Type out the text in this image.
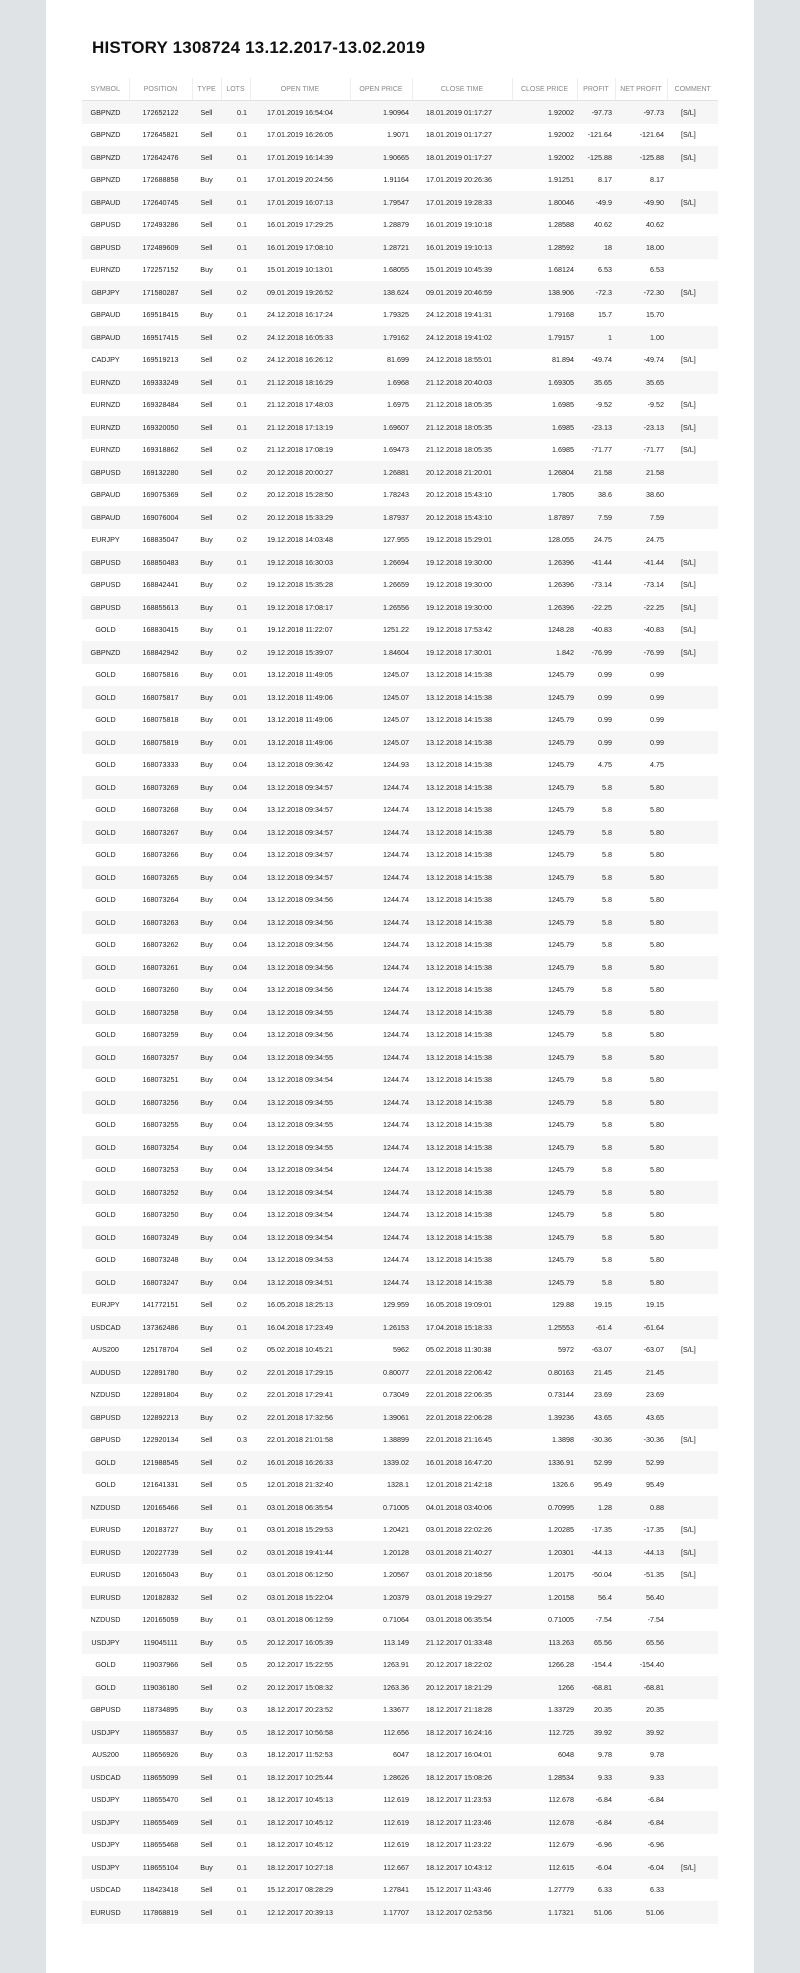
HISTORY 1308724 13.12.2017-13.02.2019
SYMBOL	POSITION	TYPE	LOTS	OPEN TIME	OPEN PRICE	CLOSE TIME	CLOSE PRICE	PROFIT	NET PROFIT	COMMENT
GBPNZD	172652122	Sell	0.1	17.01.2019 16:54:04	1.90964	18.01.2019 01:17:27	1.92002	-97.73	-97.73	[S/L]
GBPNZD	172645821	Sell	0.1	17.01.2019 16:26:05	1.9071	18.01.2019 01:17:27	1.92002	-121.64	-121.64	[S/L]
GBPNZD	172642476	Sell	0.1	17.01.2019 16:14:39	1.90665	18.01.2019 01:17:27	1.92002	-125.88	-125.88	[S/L]
GBPNZD	172688858	Buy	0.1	17.01.2019 20:24:56	1.91164	17.01.2019 20:26:36	1.91251	8.17	8.17	
GBPAUD	172640745	Sell	0.1	17.01.2019 16:07:13	1.79547	17.01.2019 19:28:33	1.80046	-49.9	-49.90	[S/L]
GBPUSD	172493286	Sell	0.1	16.01.2019 17:29:25	1.28879	16.01.2019 19:10:18	1.28588	40.62	40.62	
GBPUSD	172489609	Sell	0.1	16.01.2019 17:08:10	1.28721	16.01.2019 19:10:13	1.28592	18	18.00	
EURNZD	172257152	Buy	0.1	15.01.2019 10:13:01	1.68055	15.01.2019 10:45:39	1.68124	6.53	6.53	
GBPJPY	171580287	Sell	0.2	09.01.2019 19:26:52	138.624	09.01.2019 20:46:59	138.906	-72.3	-72.30	[S/L]
GBPAUD	169518415	Buy	0.1	24.12.2018 16:17:24	1.79325	24.12.2018 19:41:31	1.79168	15.7	15.70	
GBPAUD	169517415	Sell	0.2	24.12.2018 16:05:33	1.79162	24.12.2018 19:41:02	1.79157	1	1.00	
CADJPY	169519213	Sell	0.2	24.12.2018 16:26:12	81.699	24.12.2018 18:55:01	81.894	-49.74	-49.74	[S/L]
EURNZD	169333249	Sell	0.1	21.12.2018 18:16:29	1.6968	21.12.2018 20:40:03	1.69305	35.65	35.65	
EURNZD	169328484	Sell	0.1	21.12.2018 17:48:03	1.6975	21.12.2018 18:05:35	1.6985	-9.52	-9.52	[S/L]
EURNZD	169320050	Sell	0.1	21.12.2018 17:13:19	1.69607	21.12.2018 18:05:35	1.6985	-23.13	-23.13	[S/L]
EURNZD	169318862	Sell	0.2	21.12.2018 17:08:19	1.69473	21.12.2018 18:05:35	1.6985	-71.77	-71.77	[S/L]
GBPUSD	169132280	Sell	0.2	20.12.2018 20:00:27	1.26881	20.12.2018 21:20:01	1.26804	21.58	21.58	
GBPAUD	169075369	Sell	0.2	20.12.2018 15:28:50	1.78243	20.12.2018 15:43:10	1.7805	38.6	38.60	
GBPAUD	169076004	Sell	0.2	20.12.2018 15:33:29	1.87937	20.12.2018 15:43:10	1.87897	7.59	7.59	
EURJPY	168835047	Buy	0.2	19.12.2018 14:03:48	127.955	19.12.2018 15:29:01	128.055	24.75	24.75	
GBPUSD	168850483	Buy	0.1	19.12.2018 16:30:03	1.26694	19.12.2018 19:30:00	1.26396	-41.44	-41.44	[S/L]
GBPUSD	168842441	Buy	0.2	19.12.2018 15:35:28	1.26659	19.12.2018 19:30:00	1.26396	-73.14	-73.14	[S/L]
GBPUSD	168855613	Buy	0.1	19.12.2018 17:08:17	1.26556	19.12.2018 19:30:00	1.26396	-22.25	-22.25	[S/L]
GOLD	168830415	Buy	0.1	19.12.2018 11:22:07	1251.22	19.12.2018 17:53:42	1248.28	-40.83	-40.83	[S/L]
GBPNZD	168842942	Buy	0.2	19.12.2018 15:39:07	1.84604	19.12.2018 17:30:01	1.842	-76.99	-76.99	[S/L]
GOLD	168075816	Buy	0.01	13.12.2018 11:49:05	1245.07	13.12.2018 14:15:38	1245.79	0.99	0.99	
GOLD	168075817	Buy	0.01	13.12.2018 11:49:06	1245.07	13.12.2018 14:15:38	1245.79	0.99	0.99	
GOLD	168075818	Buy	0.01	13.12.2018 11:49:06	1245.07	13.12.2018 14:15:38	1245.79	0.99	0.99	
GOLD	168075819	Buy	0.01	13.12.2018 11:49:06	1245.07	13.12.2018 14:15:38	1245.79	0.99	0.99	
GOLD	168073333	Buy	0.04	13.12.2018 09:36:42	1244.93	13.12.2018 14:15:38	1245.79	4.75	4.75	
GOLD	168073269	Buy	0.04	13.12.2018 09:34:57	1244.74	13.12.2018 14:15:38	1245.79	5.8	5.80	
GOLD	168073268	Buy	0.04	13.12.2018 09:34:57	1244.74	13.12.2018 14:15:38	1245.79	5.8	5.80	
GOLD	168073267	Buy	0.04	13.12.2018 09:34:57	1244.74	13.12.2018 14:15:38	1245.79	5.8	5.80	
GOLD	168073266	Buy	0.04	13.12.2018 09:34:57	1244.74	13.12.2018 14:15:38	1245.79	5.8	5.80	
GOLD	168073265	Buy	0.04	13.12.2018 09:34:57	1244.74	13.12.2018 14:15:38	1245.79	5.8	5.80	
GOLD	168073264	Buy	0.04	13.12.2018 09:34:56	1244.74	13.12.2018 14:15:38	1245.79	5.8	5.80	
GOLD	168073263	Buy	0.04	13.12.2018 09:34:56	1244.74	13.12.2018 14:15:38	1245.79	5.8	5.80	
GOLD	168073262	Buy	0.04	13.12.2018 09:34:56	1244.74	13.12.2018 14:15:38	1245.79	5.8	5.80	
GOLD	168073261	Buy	0.04	13.12.2018 09:34:56	1244.74	13.12.2018 14:15:38	1245.79	5.8	5.80	
GOLD	168073260	Buy	0.04	13.12.2018 09:34:56	1244.74	13.12.2018 14:15:38	1245.79	5.8	5.80	
GOLD	168073258	Buy	0.04	13.12.2018 09:34:55	1244.74	13.12.2018 14:15:38	1245.79	5.8	5.80	
GOLD	168073259	Buy	0.04	13.12.2018 09:34:56	1244.74	13.12.2018 14:15:38	1245.79	5.8	5.80	
GOLD	168073257	Buy	0.04	13.12.2018 09:34:55	1244.74	13.12.2018 14:15:38	1245.79	5.8	5.80	
GOLD	168073251	Buy	0.04	13.12.2018 09:34:54	1244.74	13.12.2018 14:15:38	1245.79	5.8	5.80	
GOLD	168073256	Buy	0.04	13.12.2018 09:34:55	1244.74	13.12.2018 14:15:38	1245.79	5.8	5.80	
GOLD	168073255	Buy	0.04	13.12.2018 09:34:55	1244.74	13.12.2018 14:15:38	1245.79	5.8	5.80	
GOLD	168073254	Buy	0.04	13.12.2018 09:34:55	1244.74	13.12.2018 14:15:38	1245.79	5.8	5.80	
GOLD	168073253	Buy	0.04	13.12.2018 09:34:54	1244.74	13.12.2018 14:15:38	1245.79	5.8	5.80	
GOLD	168073252	Buy	0.04	13.12.2018 09:34:54	1244.74	13.12.2018 14:15:38	1245.79	5.8	5.80	
GOLD	168073250	Buy	0.04	13.12.2018 09:34:54	1244.74	13.12.2018 14:15:38	1245.79	5.8	5.80	
GOLD	168073249	Buy	0.04	13.12.2018 09:34:54	1244.74	13.12.2018 14:15:38	1245.79	5.8	5.80	
GOLD	168073248	Buy	0.04	13.12.2018 09:34:53	1244.74	13.12.2018 14:15:38	1245.79	5.8	5.80	
GOLD	168073247	Buy	0.04	13.12.2018 09:34:51	1244.74	13.12.2018 14:15:38	1245.79	5.8	5.80	
EURJPY	141772151	Sell	0.2	16.05.2018 18:25:13	129.959	16.05.2018 19:09:01	129.88	19.15	19.15	
USDCAD	137362486	Buy	0.1	16.04.2018 17:23:49	1.26153	17.04.2018 15:18:33	1.25553	-61.4	-61.64	
AUS200	125178704	Sell	0.2	05.02.2018 10:45:21	5962	05.02.2018 11:30:38	5972	-63.07	-63.07	[S/L]
AUDUSD	122891780	Buy	0.2	22.01.2018 17:29:15	0.80077	22.01.2018 22:06:42	0.80163	21.45	21.45	
NZDUSD	122891804	Buy	0.2	22.01.2018 17:29:41	0.73049	22.01.2018 22:06:35	0.73144	23.69	23.69	
GBPUSD	122892213	Buy	0.2	22.01.2018 17:32:56	1.39061	22.01.2018 22:06:28	1.39236	43.65	43.65	
GBPUSD	122920134	Sell	0.3	22.01.2018 21:01:58	1.38899	22.01.2018 21:16:45	1.3898	-30.36	-30.36	[S/L]
GOLD	121988545	Sell	0.2	16.01.2018 16:26:33	1339.02	16.01.2018 16:47:20	1336.91	52.99	52.99	
GOLD	121641331	Sell	0.5	12.01.2018 21:32:40	1328.1	12.01.2018 21:42:18	1326.6	95.49	95.49	
NZDUSD	120165466	Sell	0.1	03.01.2018 06:35:54	0.71005	04.01.2018 03:40:06	0.70995	1.28	0.88	
EURUSD	120183727	Buy	0.1	03.01.2018 15:29:53	1.20421	03.01.2018 22:02:26	1.20285	-17.35	-17.35	[S/L]
EURUSD	120227739	Sell	0.2	03.01.2018 19:41:44	1.20128	03.01.2018 21:40:27	1.20301	-44.13	-44.13	[S/L]
EURUSD	120165043	Buy	0.1	03.01.2018 06:12:50	1.20567	03.01.2018 20:18:56	1.20175	-50.04	-51.35	[S/L]
EURUSD	120182832	Sell	0.2	03.01.2018 15:22:04	1.20379	03.01.2018 19:29:27	1.20158	56.4	56.40	
NZDUSD	120165059	Buy	0.1	03.01.2018 06:12:59	0.71064	03.01.2018 06:35:54	0.71005	-7.54	-7.54	
USDJPY	119045111	Buy	0.5	20.12.2017 16:05:39	113.149	21.12.2017 01:33:48	113.263	65.56	65.56	
GOLD	119037966	Sell	0.5	20.12.2017 15:22:55	1263.91	20.12.2017 18:22:02	1266.28	-154.4	-154.40	
GOLD	119036180	Sell	0.2	20.12.2017 15:08:32	1263.36	20.12.2017 18:21:29	1266	-68.81	-68.81	
GBPUSD	118734895	Buy	0.3	18.12.2017 20:23:52	1.33677	18.12.2017 21:18:28	1.33729	20.35	20.35	
USDJPY	118655837	Buy	0.5	18.12.2017 10:56:58	112.656	18.12.2017 16:24:16	112.725	39.92	39.92	
AUS200	118656926	Buy	0.3	18.12.2017 11:52:53	6047	18.12.2017 16:04:01	6048	9.78	9.78	
USDCAD	118655099	Sell	0.1	18.12.2017 10:25:44	1.28626	18.12.2017 15:08:26	1.28534	9.33	9.33	
USDJPY	118655470	Sell	0.1	18.12.2017 10:45:13	112.619	18.12.2017 11:23:53	112.678	-6.84	-6.84	
USDJPY	118655469	Sell	0.1	18.12.2017 10:45:12	112.619	18.12.2017 11:23:46	112.678	-6.84	-6.84	
USDJPY	118655468	Sell	0.1	18.12.2017 10:45:12	112.619	18.12.2017 11:23:22	112.679	-6.96	-6.96	
USDJPY	118655104	Buy	0.1	18.12.2017 10:27:18	112.667	18.12.2017 10:43:12	112.615	-6.04	-6.04	[S/L]
USDCAD	118423418	Sell	0.1	15.12.2017 08:28:29	1.27841	15.12.2017 11:43:46	1.27779	6.33	6.33	
EURUSD	117868819	Sell	0.1	12.12.2017 20:39:13	1.17707	13.12.2017 02:53:56	1.17321	51.06	51.06	
